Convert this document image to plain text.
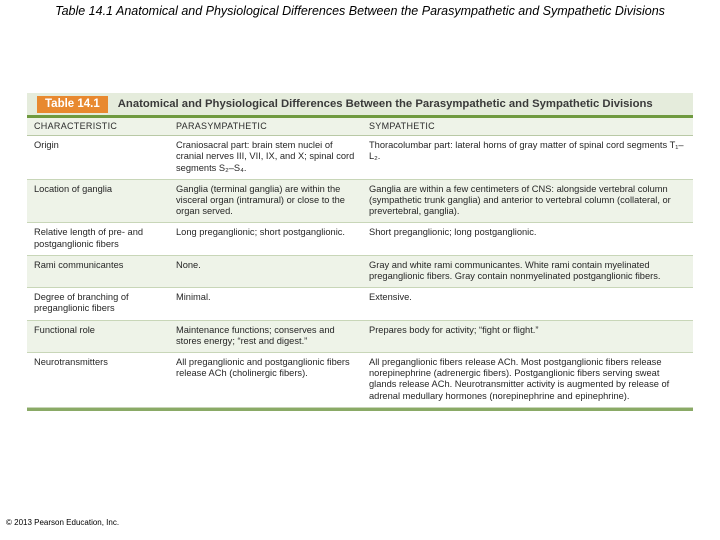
Table 14.1 Anatomical and Physiological Differences Between the Parasympathetic and Sympathetic Divisions
Table 14.1	Anatomical and Physiological Differences Between the Parasympathetic and Sympathetic Divisions
CHARACTERISTIC	PARASYMPATHETIC	SYMPATHETIC
Origin	Craniosacral part: brain stem nuclei of cranial nerves III, VII, IX, and X; spinal cord segments S₂–S₄.	Thoracolumbar part: lateral horns of gray matter of spinal cord segments T₁–L₂.
Location of ganglia	Ganglia (terminal ganglia) are within the visceral organ (intramural) or close to the organ served.	Ganglia are within a few centimeters of CNS: alongside vertebral column (sympathetic trunk ganglia) and anterior to vertebral column (collateral, or prevertebral, ganglia).
Relative length of pre- and postganglionic fibers	Long preganglionic; short postganglionic.	Short preganglionic; long postganglionic.
Rami communicantes	None.	Gray and white rami communicantes. White rami contain myelinated preganglionic fibers. Gray contain nonmyelinated postganglionic fibers.
Degree of branching of preganglionic fibers	Minimal.	Extensive.
Functional role	Maintenance functions; conserves and stores energy; “rest and digest.”	Prepares body for activity; “fight or flight.”
Neurotransmitters	All preganglionic and postganglionic fibers release ACh (cholinergic fibers).	All preganglionic fibers release ACh. Most postganglionic fibers release norepinephrine (adrenergic fibers). Postganglionic fibers serving sweat glands release ACh. Neurotransmitter activity is augmented by release of adrenal medullary hormones (norepinephrine and epinephrine).
© 2013 Pearson Education, Inc.
